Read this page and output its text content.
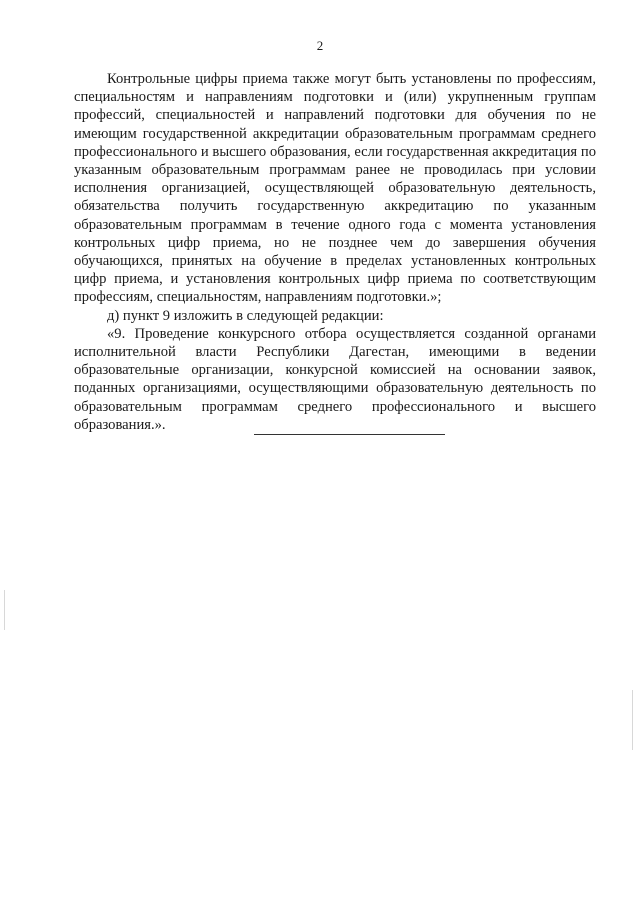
2

Контрольные цифры приема также могут быть установлены по профессиям, специальностям и направлениям подготовки и (или) укрупненным группам профессий, специальностей и направлений подготовки для обучения по не имеющим государственной аккредитации образовательным программам среднего профессионального и высшего образования, если государственная аккредитация по указанным образовательным программам ранее не проводилась при условии исполнения организацией, осуществляющей образовательную деятельность, обязательства получить государственную аккредитацию по указанным образовательным программам в течение одного года с момента установления контрольных цифр приема, но не позднее чем до завершения обучения обучающихся, принятых на обучение в пределах установленных контрольных цифр приема, и установления контрольных цифр приема по соответствующим профессиям, специальностям, направлениям подготовки.»;

д) пункт 9 изложить в следующей редакции:

«9. Проведение конкурсного отбора осуществляется созданной органами исполнительной власти Республики Дагестан, имеющими в ведении образовательные организации, конкурсной комиссией на основании заявок, поданных организациями, осуществляющими образовательную деятельность по образовательным программам среднего профессионального и высшего образования.».
